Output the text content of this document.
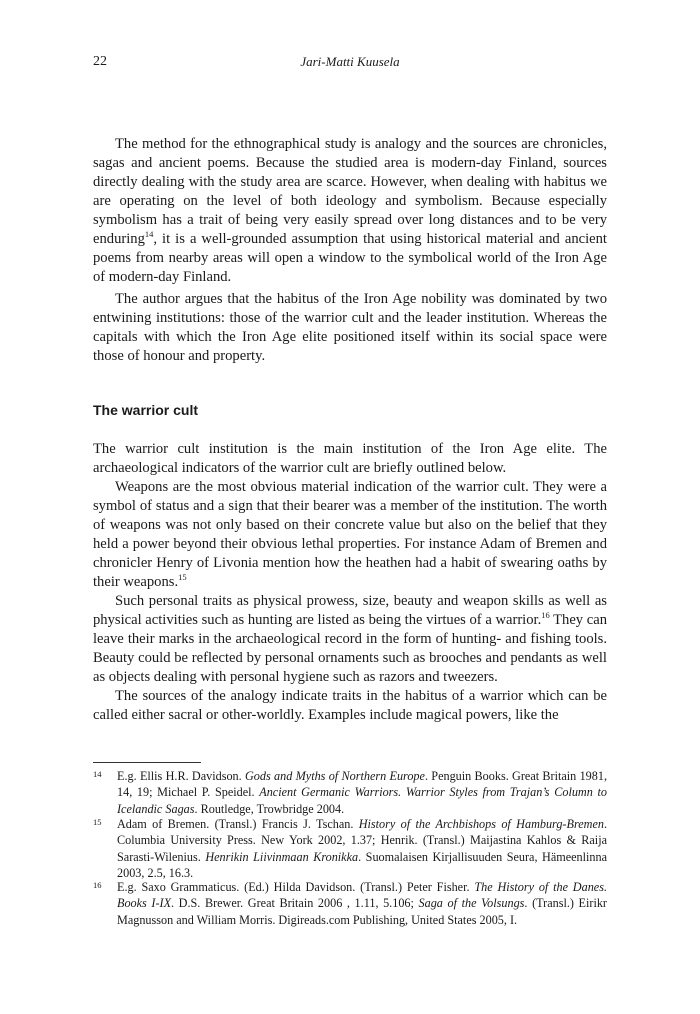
22	Jari-Matti Kuusela

The method for the ethnographical study is analogy and the sources are chronicles, sagas and ancient poems. Because the studied area is modern-day Finland, sources directly dealing with the study area are scarce. However, when dealing with habitus we are operating on the level of both ideology and symbolism. Because especially symbolism has a trait of being very easily spread over long distances and to be very enduring$^{14}$, it is a well-grounded assumption that using historical material and ancient poems from nearby areas will open a window to the symbolical world of the Iron Age of modern-day Finland.

The author argues that the habitus of the Iron Age nobility was dominated by two entwining institutions: those of the warrior cult and the leader institution. Whereas the capitals with which the Iron Age elite positioned itself within its social space were those of honour and property.

The warrior cult

The warrior cult institution is the main institution of the Iron Age elite. The archaeological indicators of the warrior cult are briefly outlined below.

Weapons are the most obvious material indication of the warrior cult. They were a symbol of status and a sign that their bearer was a member of the institution. The worth of weapons was not only based on their concrete value but also on the belief that they held a power beyond their obvious lethal properties. For instance Adam of Bremen and chronicler Henry of Livonia mention how the heathen had a habit of swearing oaths by their weapons.$^{15}$

Such personal traits as physical prowess, size, beauty and weapon skills as well as physical activities such as hunting are listed as being the virtues of a warrior.$^{16}$ They can leave their marks in the archaeological record in the form of hunting- and fishing tools. Beauty could be reflected by personal ornaments such as brooches and pendants as well as objects dealing with personal hygiene such as razors and tweezers.

The sources of the analogy indicate traits in the habitus of a warrior which can be called either sacral or other-worldly. Examples include magical powers, like the

14 E.g. Ellis H.R. Davidson. Gods and Myths of Northern Europe. Penguin Books. Great Britain 1981, 14, 19; Michael P. Speidel. Ancient Germanic Warriors. Warrior Styles from Trajan’s Column to Icelandic Sagas. Routledge, Trowbridge 2004.
15 Adam of Bremen. (Transl.) Francis J. Tschan. History of the Archbishops of Hamburg-Bremen. Columbia University Press. New York 2002, 1.37; Henrik. (Transl.) Maijastina Kahlos & Raija Sarasti-Wilenius. Henrikin Liivinmaan Kronikka. Suomalaisen Kirjallisuuden Seura, Hämeenlinna 2003, 2.5, 16.3.
16 E.g. Saxo Grammaticus. (Ed.) Hilda Davidson. (Transl.) Peter Fisher. The History of the Danes. Books I-IX. D.S. Brewer. Great Britain 2006 , 1.11, 5.106; Saga of the Volsungs. (Transl.) Eirikr Magnusson and William Morris. Digireads.com Publishing, United States 2005, I.
